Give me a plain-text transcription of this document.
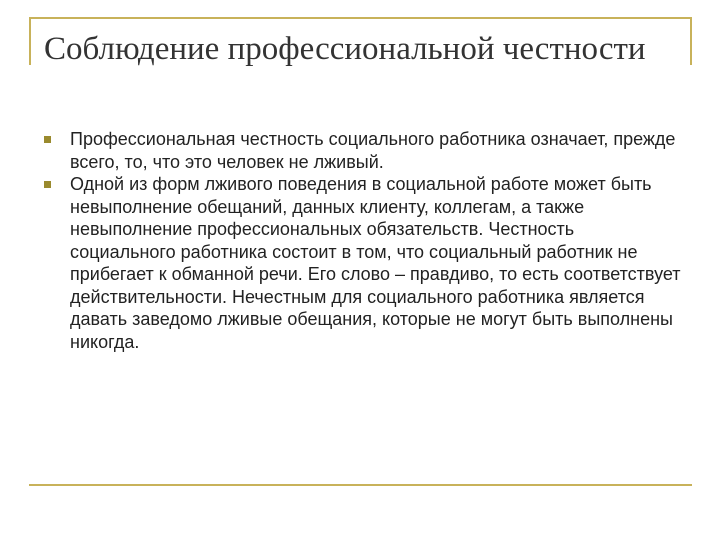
Соблюдение профессиональной честности
Профессиональная честность социального работника означает, прежде всего, то, что это человек не лживый.
Одной из форм лживого поведения в социальной работе может быть невыполнение обещаний, данных клиенту, коллегам, а также невыполнение профессиональных обязательств. Честность социального работника состоит в том, что социальный работник не прибегает к обманной речи. Его слово – правдиво, то есть соответствует действительности. Нечестным для социального работника является давать заведомо лживые обещания, которые не могут быть выполнены никогда.
